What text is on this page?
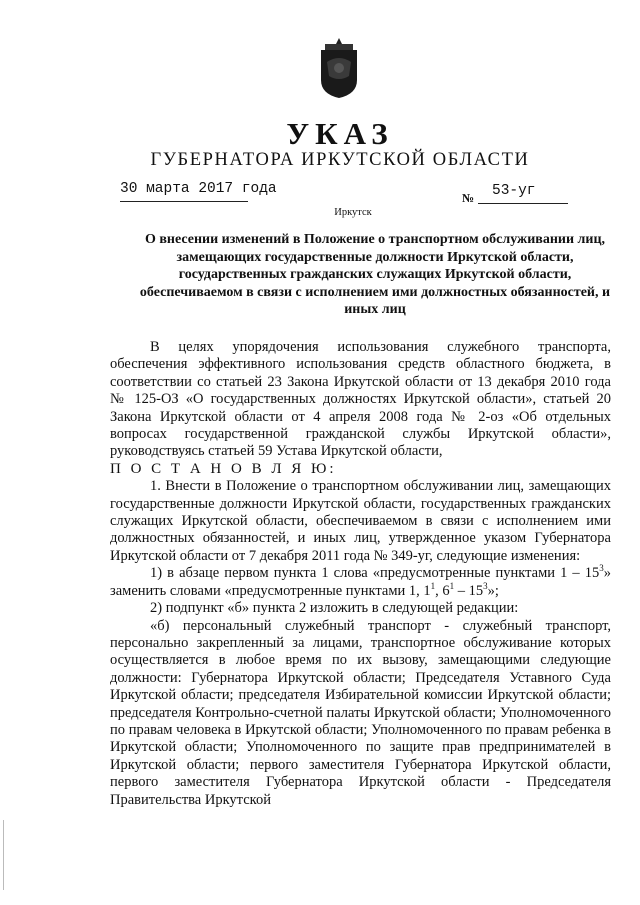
УКАЗ
ГУБЕРНАТОРА ИРКУТСКОЙ ОБЛАСТИ
30 марта 2017 года
№ 53-уг
Иркутск
О внесении изменений в Положение о транспортном обслуживании лиц, замещающих государственные должности Иркутской области, государственных гражданских служащих Иркутской области, обеспечиваемом в связи с исполнением ими должностных обязанностей, и иных лиц

В целях упорядочения использования служебного транспорта, обеспечения эффективного использования средств областного бюджета, в соответствии со статьей 23 Закона Иркутской области от 13 декабря 2010 года № 125-ОЗ «О государственных должностях Иркутской области», статьей 20 Закона Иркутской области от 4 апреля 2008 года № 2-оз «Об отдельных вопросах государственной гражданской службы Иркутской области», руководствуясь статьей 59 Устава Иркутской области,

П О С Т А Н О В Л Я Ю:

1. Внести в Положение о транспортном обслуживании лиц, замещающих государственные должности Иркутской области, государственных гражданских служащих Иркутской области, обеспечиваемом в связи с исполнением ими должностных обязанностей, и иных лиц, утвержденное указом Губернатора Иркутской области от 7 декабря 2011 года № 349-уг, следующие изменения:

1) в абзаце первом пункта 1 слова «предусмотренные пунктами $1 - 15^3$» заменить словами «предусмотренные пунктами 1, $1^1$, $6^1 - 15^3$»;

2) подпункт «б» пункта 2 изложить в следующей редакции:

«б) персональный служебный транспорт - служебный транспорт, персонально закрепленный за лицами, транспортное обслуживание которых осуществляется в любое время по их вызову, замещающими следующие должности: Губернатора Иркутской области; Председателя Уставного Суда Иркутской области; председателя Избирательной комиссии Иркутской области; председателя Контрольно-счетной палаты Иркутской области; Уполномоченного по правам человека в Иркутской области; Уполномоченного по правам ребенка в Иркутской области; Уполномоченного по защите прав предпринимателей в Иркутской области; первого заместителя Губернатора Иркутской области, первого заместителя Губернатора Иркутской области - Председателя Правительства Иркутской
